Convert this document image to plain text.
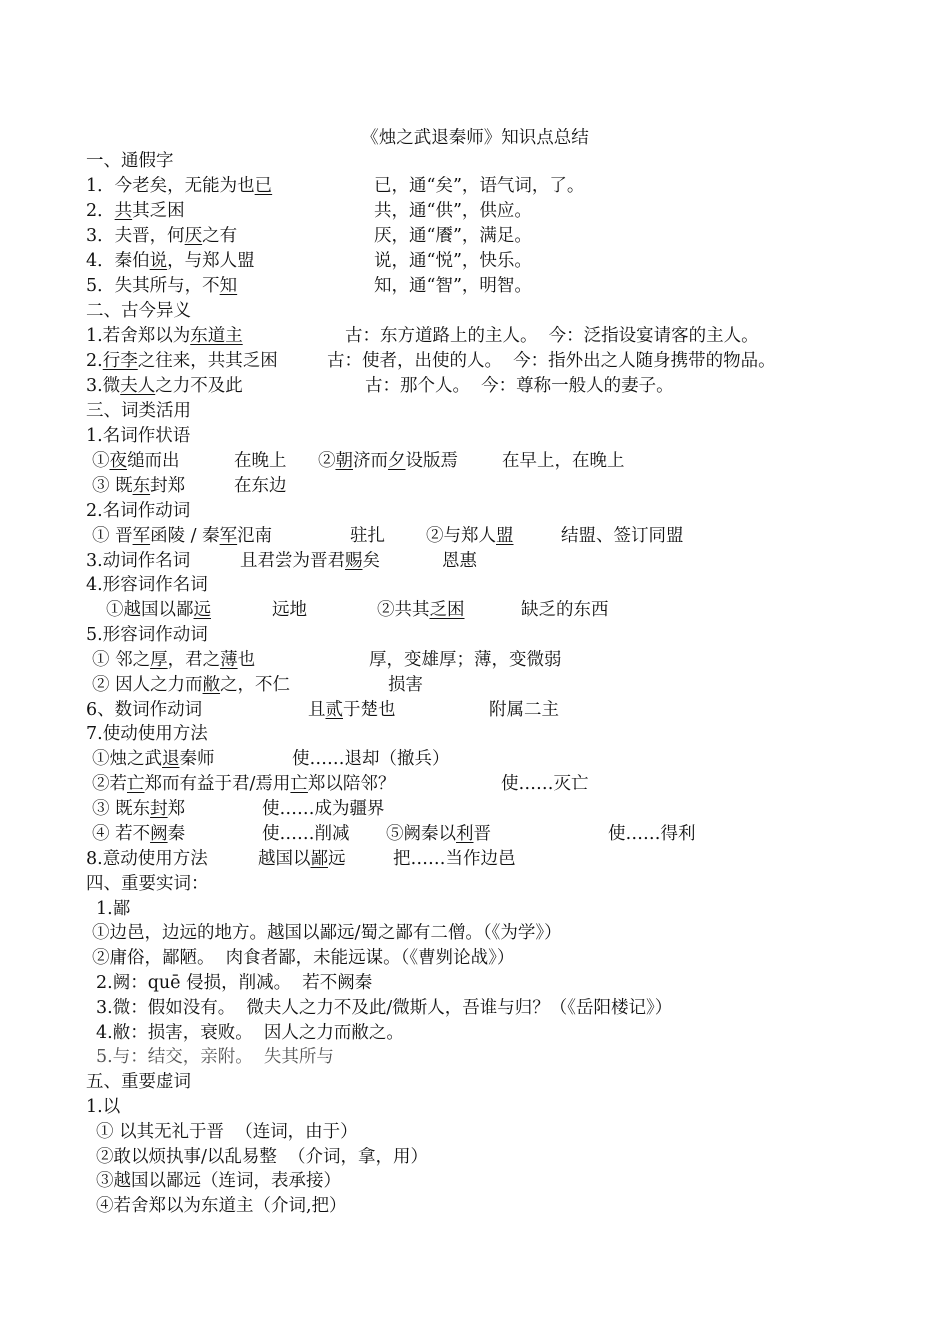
《烛之武退秦师》知识点总结
一、通假字
1．今老矣，无能为也已	已，通“矣”，语气词，了。
2．共其乏困	共，通“供”，供应。
3．夫晋，何厌之有	厌，通“餍”，满足。
4．秦伯说，与郑人盟	说，通“悦”，快乐。
5．失其所与，不知	知，通“智”，明智。
二、古今异义
1.若舍郑以为东道主	古：东方道路上的主人。  今：泛指设宴请客的主人。
2.行李之往来，共其乏困	古：使者，出使的人。  今：指外出之人随身携带的物品。
3.微夫人之力不及此	古：那个人。  今：尊称一般人的妻子。
三、词类活用
1.名词作状语
①夜缒而出	在晚上 ②朝济而夕设版焉	在早上，在晚上
③ 既东封郑	在东边
2.名词作动词
① 晋军函陵 / 秦军氾南	驻扎 ②与郑人盟	结盟、签订同盟
3.动词作名词	且君尝为晋君赐矣	恩惠
4.形容词作名词
①越国以鄙远	远地	②共其乏困	缺乏的东西
5.形容词作动词
① 邻之厚，君之薄也	厚，变雄厚；薄，变微弱
② 因人之力而敝之，不仁	损害
6、数词作动词	且贰于楚也	附属二主
7.使动使用方法
①烛之武退秦师	使……退却（撤兵）
②若亡郑而有益于君/焉用亡郑以陪邻？	使……灭亡
③ 既东封郑	使……成为疆界
④ 若不阙秦	使……削减 ⑤阙秦以利晋	使……得利
8.意动使用方法	越国以鄙远	把……当作边邑
四、重要实词：
1.鄙
①边邑，边远的地方。越国以鄙远/蜀之鄙有二僧。（《为学》）
②庸俗，鄙陋。  肉食者鄙，未能远谋。（《曹刿论战》）
2.阙：quē 侵损，削减。  若不阙秦
3.微：假如没有。  微夫人之力不及此/微斯人，吾谁与归？（《岳阳楼记》）
4.敝：损害，衰败。  因人之力而敝之。
5.与：结交，亲附。  失其所与
五、重要虚词
1.以
① 以其无礼于晋  （连词，由于）
②敢以烦执事/以乱易整  （介词，拿，用）
③越国以鄙远（连词，表承接）
④若舍郑以为东道主（介词,把）
